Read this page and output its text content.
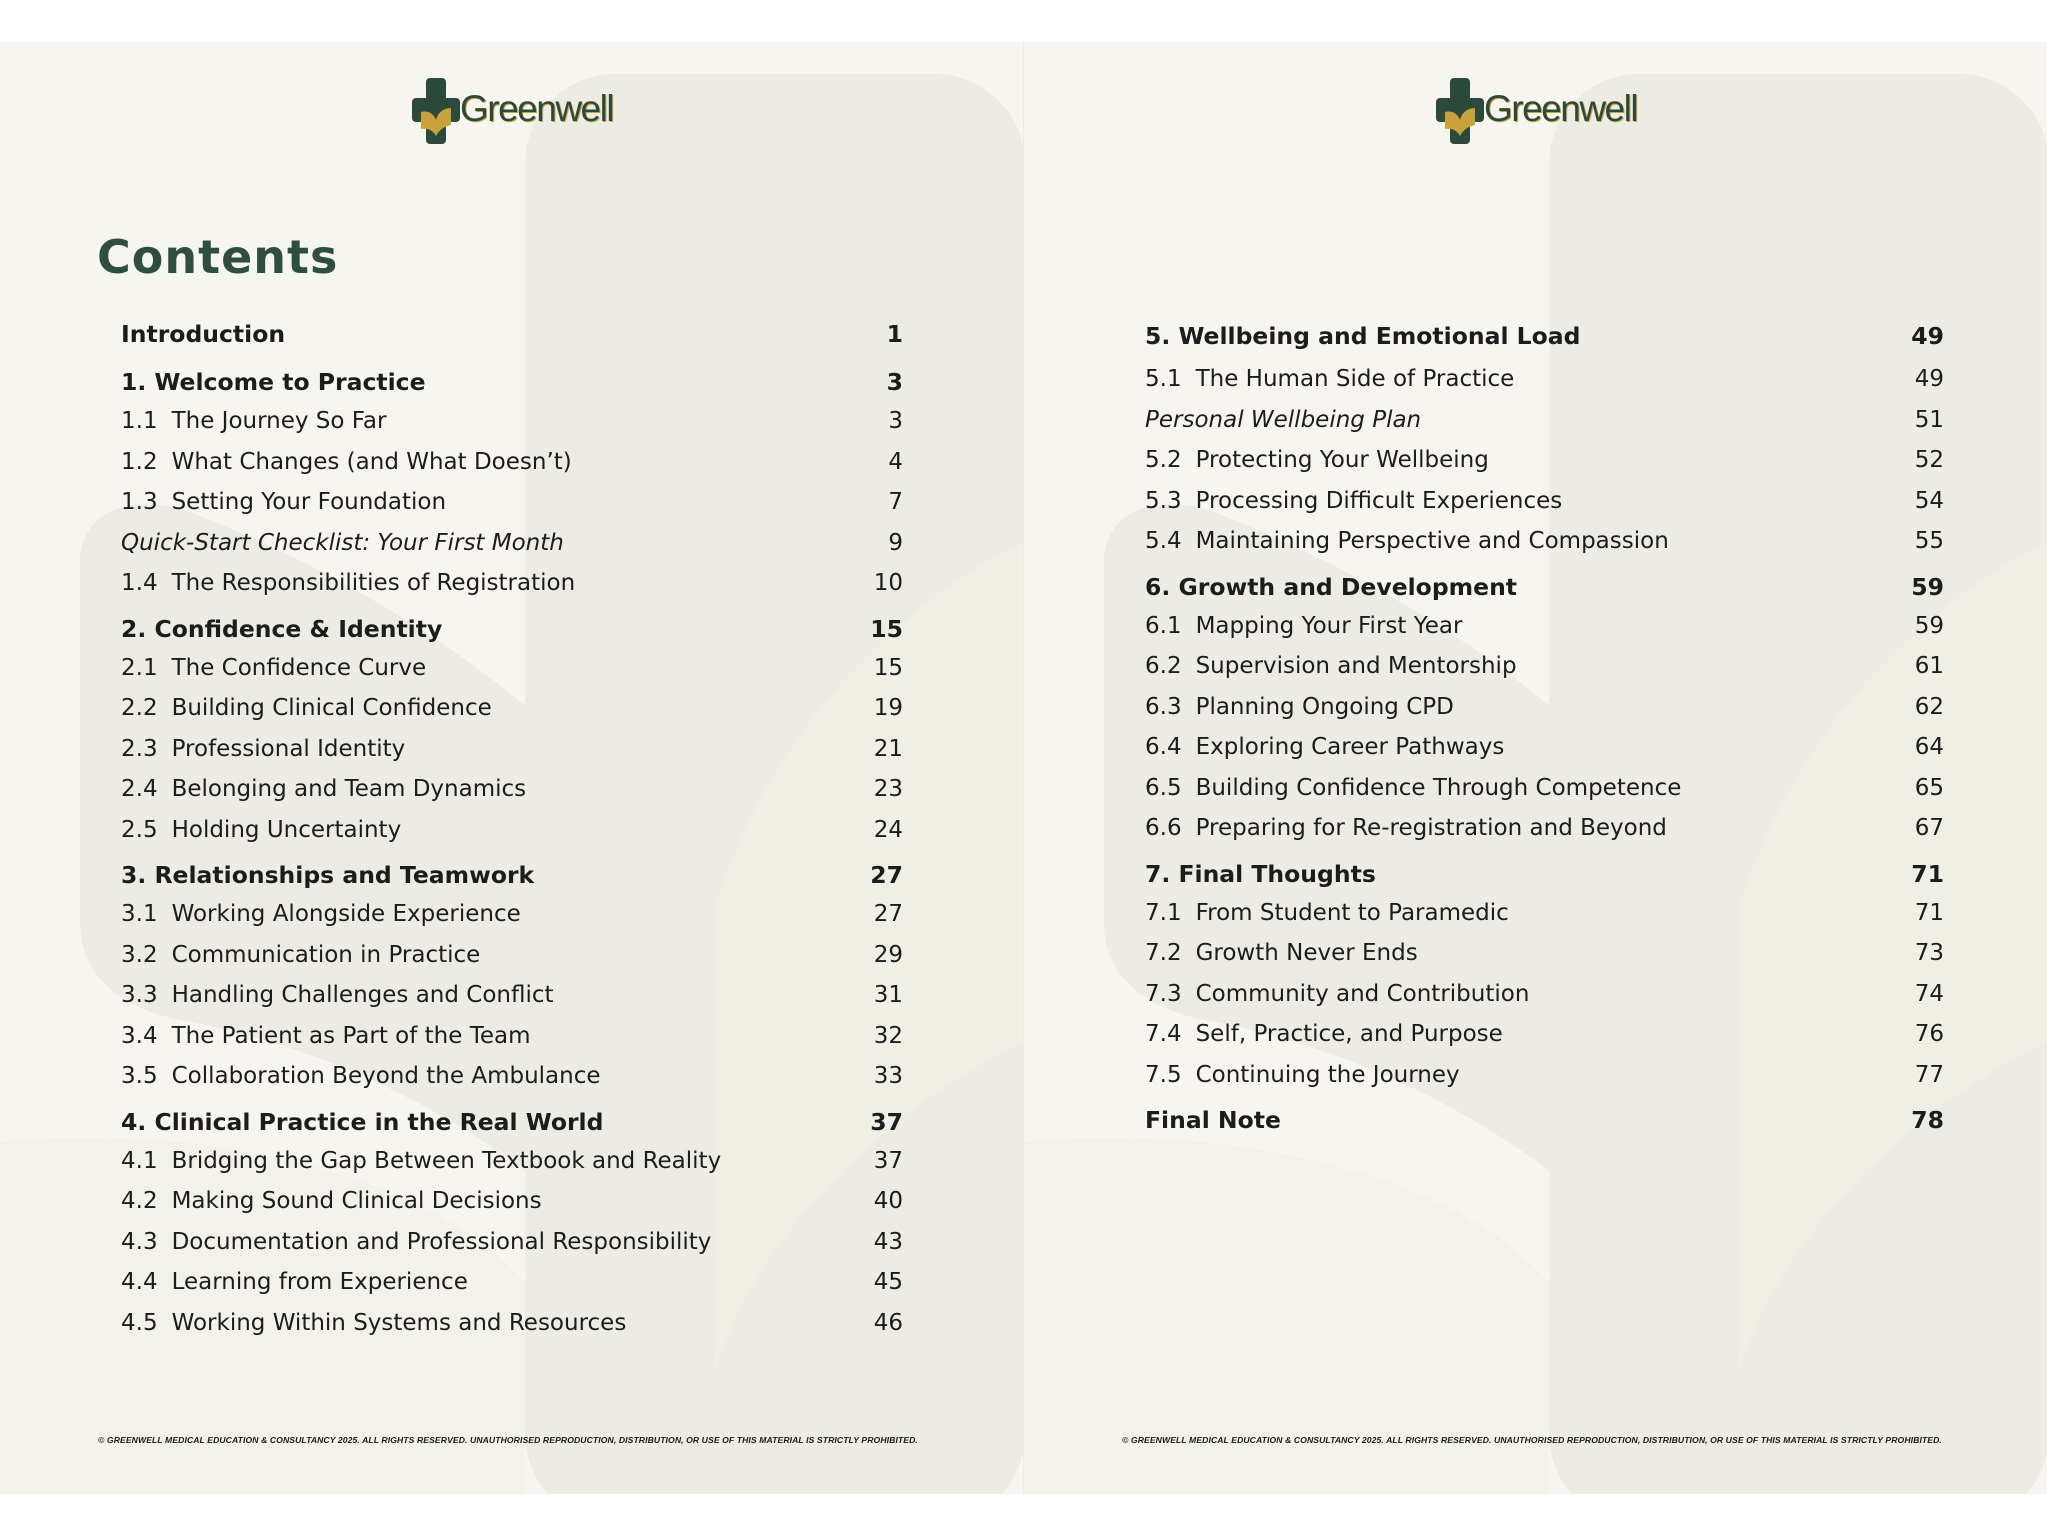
Greenwell
Contents
Introduction	1
1. Welcome to Practice	3
1.1 The Journey So Far	3
1.2 What Changes (and What Doesn’t)	4
1.3 Setting Your Foundation	7
Quick-Start Checklist: Your First Month	9
1.4 The Responsibilities of Registration	10
2. Confidence & Identity	15
2.1 The Confidence Curve	15
2.2 Building Clinical Confidence	19
2.3 Professional Identity	21
2.4 Belonging and Team Dynamics	23
2.5 Holding Uncertainty	24
3. Relationships and Teamwork	27
3.1 Working Alongside Experience	27
3.2 Communication in Practice	29
3.3 Handling Challenges and Conflict	31
3.4 The Patient as Part of the Team	32
3.5 Collaboration Beyond the Ambulance	33
4. Clinical Practice in the Real World	37
4.1 Bridging the Gap Between Textbook and Reality	37
4.2 Making Sound Clinical Decisions	40
4.3 Documentation and Professional Responsibility	43
4.4 Learning from Experience	45
4.5 Working Within Systems and Resources	46
© GREENWELL MEDICAL EDUCATION & CONSULTANCY 2025. ALL RIGHTS RESERVED. UNAUTHORISED REPRODUCTION, DISTRIBUTION, OR USE OF THIS MATERIAL IS STRICTLY PROHIBITED.
Greenwell
5. Wellbeing and Emotional Load	49
5.1 The Human Side of Practice	49
Personal Wellbeing Plan	51
5.2 Protecting Your Wellbeing	52
5.3 Processing Difficult Experiences	54
5.4 Maintaining Perspective and Compassion	55
6. Growth and Development	59
6.1 Mapping Your First Year	59
6.2 Supervision and Mentorship	61
6.3 Planning Ongoing CPD	62
6.4 Exploring Career Pathways	64
6.5 Building Confidence Through Competence	65
6.6 Preparing for Re-registration and Beyond	67
7. Final Thoughts	71
7.1 From Student to Paramedic	71
7.2 Growth Never Ends	73
7.3 Community and Contribution	74
7.4 Self, Practice, and Purpose	76
7.5 Continuing the Journey	77
Final Note	78
© GREENWELL MEDICAL EDUCATION & CONSULTANCY 2025. ALL RIGHTS RESERVED. UNAUTHORISED REPRODUCTION, DISTRIBUTION, OR USE OF THIS MATERIAL IS STRICTLY PROHIBITED.
